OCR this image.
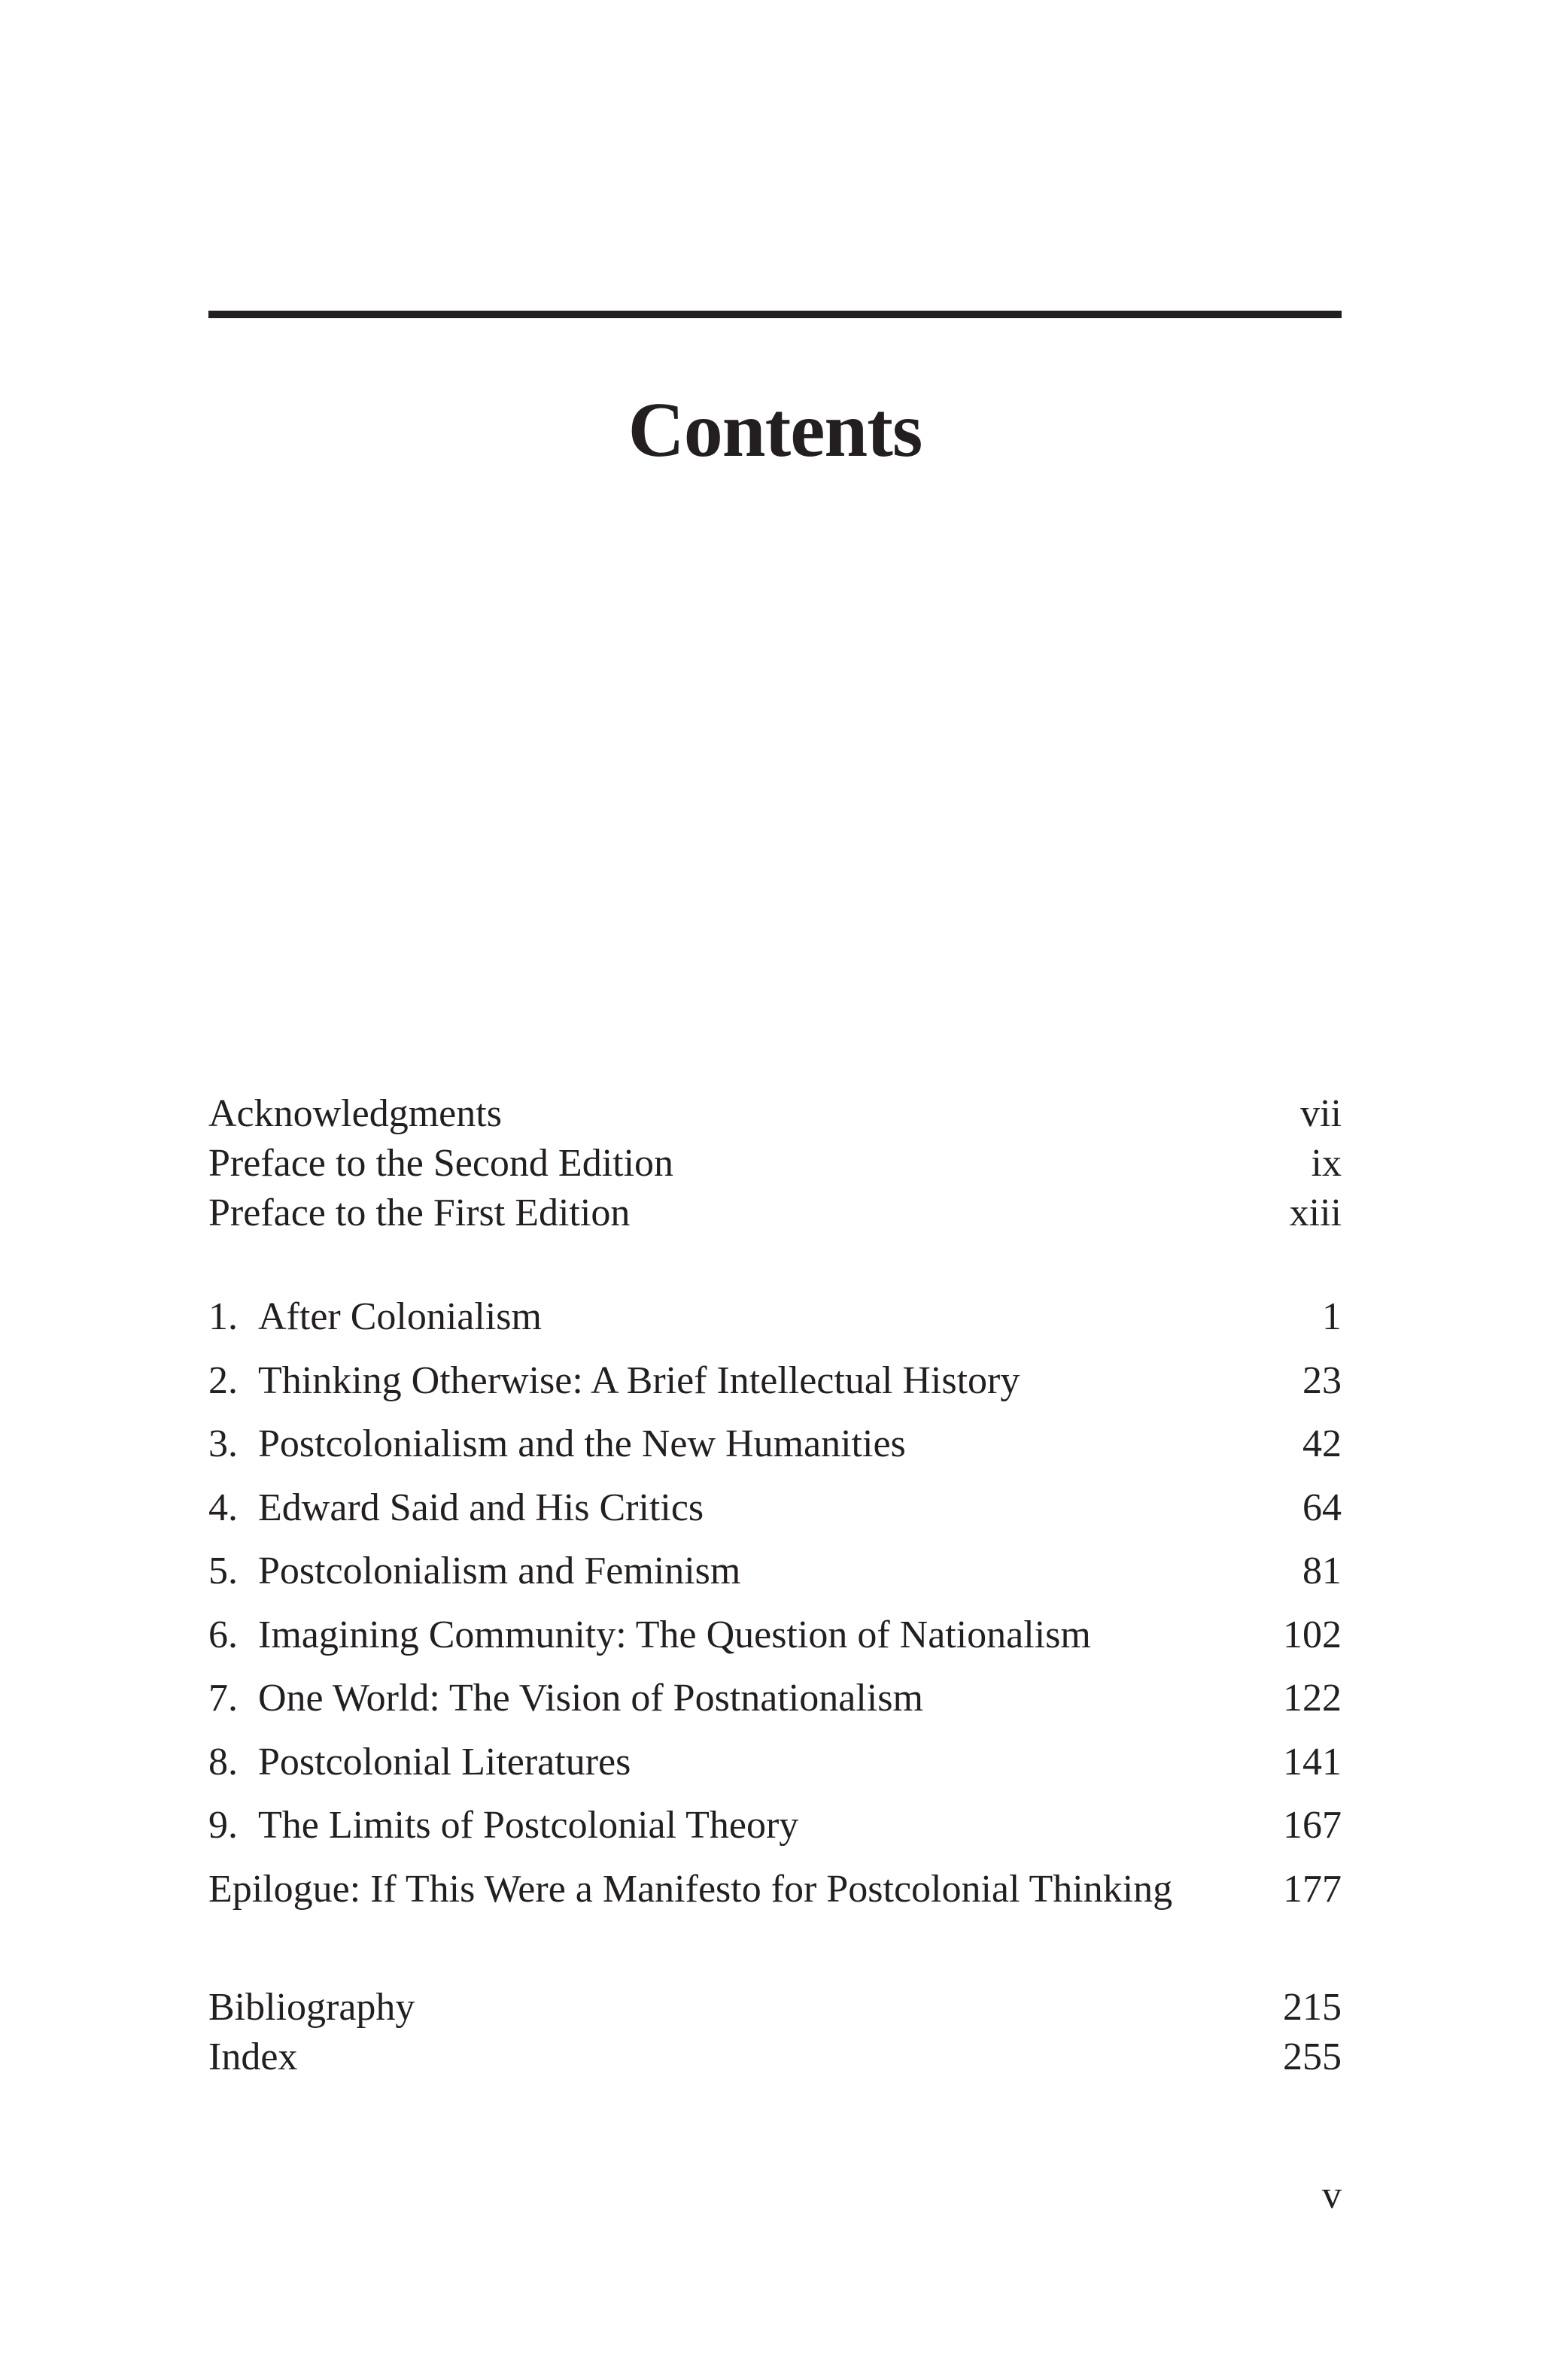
Contents
Acknowledgments	vii
Preface to the Second Edition	ix
Preface to the First Edition	xiii
1. After Colonialism	1
2. Thinking Otherwise: A Brief Intellectual History	23
3. Postcolonialism and the New Humanities	42
4. Edward Said and His Critics	64
5. Postcolonialism and Feminism	81
6. Imagining Community: The Question of Nationalism	102
7. One World: The Vision of Postnationalism	122
8. Postcolonial Literatures	141
9. The Limits of Postcolonial Theory	167
Epilogue: If This Were a Manifesto for Postcolonial Thinking	177
Bibliography	215
Index	255
v
